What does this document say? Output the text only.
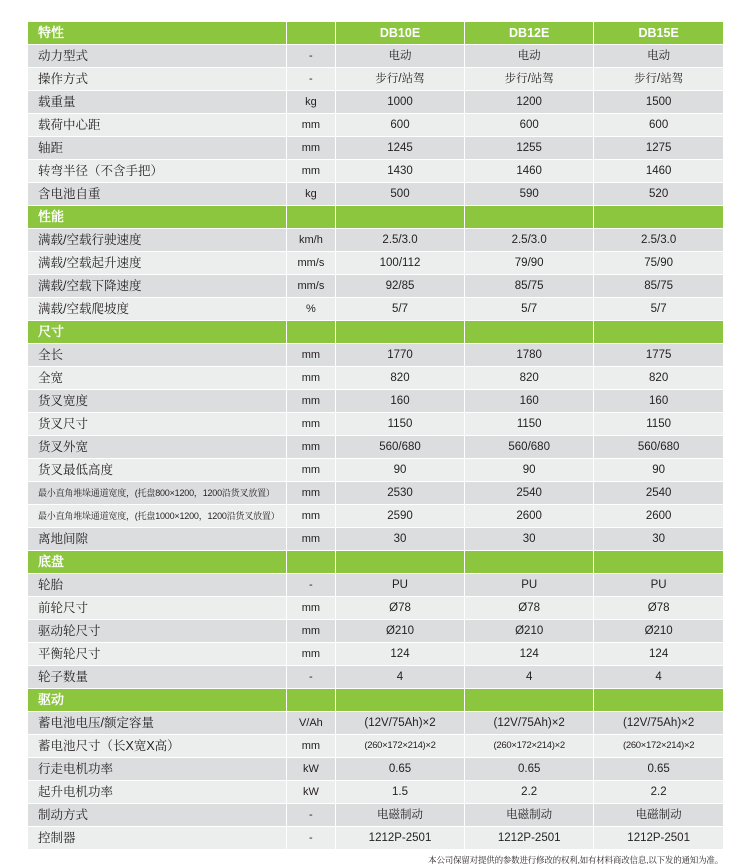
特性		DB10E	DB12E	DB15E

动力型式	-	电动	电动	电动

操作方式	-	步行/站驾	步行/站驾	步行/站驾

载重量	kg	1000	1200	1500

载荷中心距	mm	600	600	600

轴距	mm	1245	1255	1275

转弯半径（不含手把）	mm	1430	1460	1460

含电池自重	kg	500	590	520

性能				

满载/空载行驶速度	km/h	2.5/3.0	2.5/3.0	2.5/3.0

满载/空载起升速度	mm/s	100/112	79/90	75/90

满载/空载下降速度	mm/s	92/85	85/75	85/75

满载/空载爬坡度	%	5/7	5/7	5/7

尺寸				

全长	mm	1770	1780	1775

全宽	mm	820	820	820

货叉宽度	mm	160	160	160

货叉尺寸	mm	1150	1150	1150

货叉外宽	mm	560/680	560/680	560/680

货叉最低高度	mm	90	90	90

最小直角堆垛通道宽度，(托盘800×1200，1200沿货叉放置）	mm	2530	2540	2540

最小直角堆垛通道宽度，(托盘1000×1200，1200沿货叉放置）	mm	2590	2600	2600

离地间隙	mm	30	30	30

底盘				

轮胎	-	PU	PU	PU

前轮尺寸	mm	Ø78	Ø78	Ø78

驱动轮尺寸	mm	Ø210	Ø210	Ø210

平衡轮尺寸	mm	124	124	124

轮子数量	-	4	4	4

驱动				

蓄电池电压/额定容量	V/Ah	(12V/75Ah)×2	(12V/75Ah)×2	(12V/75Ah)×2

蓄电池尺寸（长X宽X高）	mm	(260×172×214)×2	(260×172×214)×2	(260×172×214)×2

行走电机功率	kW	0.65	0.65	0.65

起升电机功率	kW	1.5	2.2	2.2

制动方式	-	电磁制动	电磁制动	电磁制动

控制器	-	1212P-2501	1212P-2501	1212P-2501
本公司保留对提供的参数进行修改的权利,如有材料商改信息,以下发的通知为准。
